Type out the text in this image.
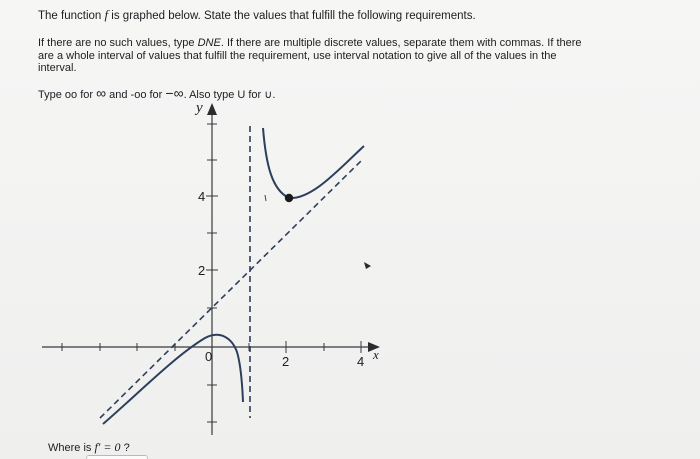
The function f is graphed below. State the values that fulfill the following requirements.
If there are no such values, type DNE. If there are multiple discrete values, separate them with commas. If there are a whole interval of values that fulfill the requirement, use interval notation to give all of the values in the interval.
Type oo for ∞ and -oo for −∞. Also type U for ∪.
y
x
4
2
0	2	4
Where is f′ = 0 ?
